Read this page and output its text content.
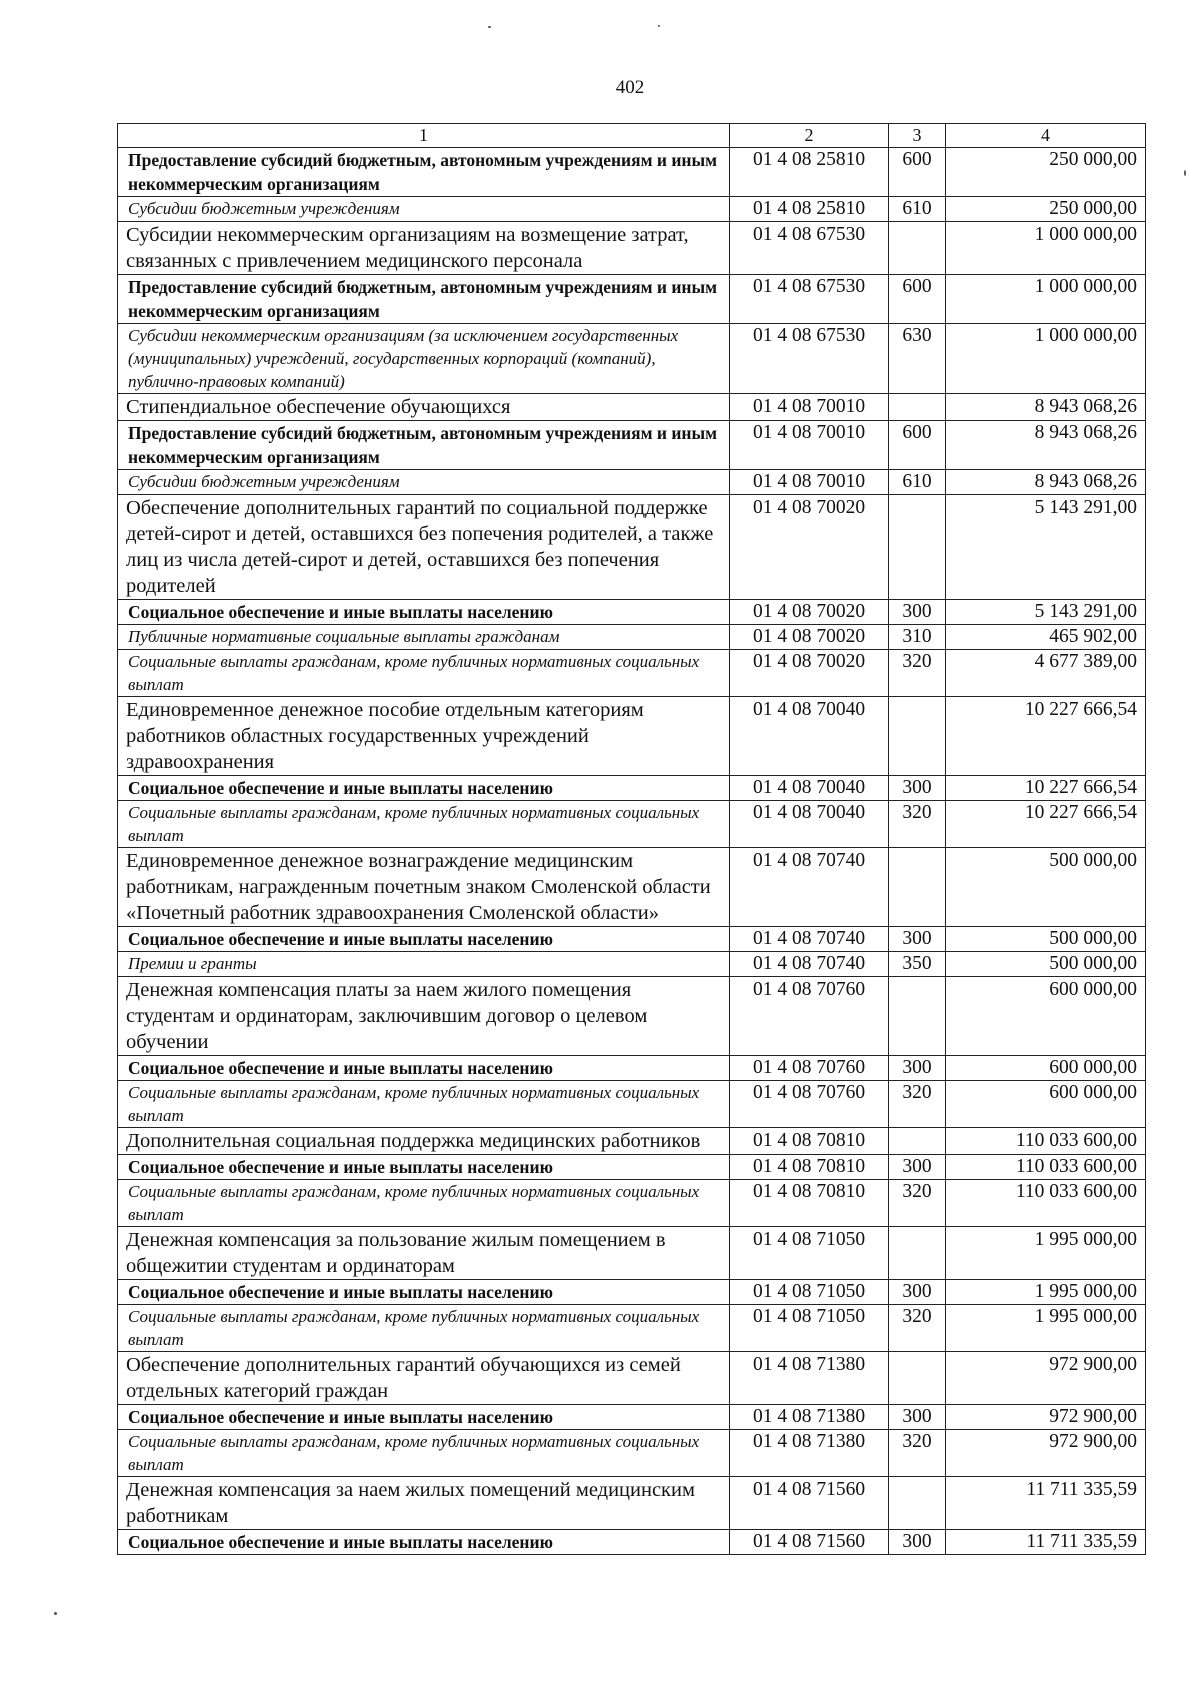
402
1	2	3	4
Предоставление субсидий бюджетным, автономным учреждениям и иным некоммерческим организациям	01 4 08 25810	600	250 000,00
Субсидии бюджетным учреждениям	01 4 08 25810	610	250 000,00
Субсидии некоммерческим организациям на возмещение затрат, связанных с привлечением медицинского персонала	01 4 08 67530		1 000 000,00
Предоставление субсидий бюджетным, автономным учреждениям и иным некоммерческим организациям	01 4 08 67530	600	1 000 000,00
Субсидии некоммерческим организациям (за исключением государственных (муниципальных) учреждений, государственных корпораций (компаний), публично-правовых компаний)	01 4 08 67530	630	1 000 000,00
Стипендиальное обеспечение обучающихся	01 4 08 70010		8 943 068,26
Предоставление субсидий бюджетным, автономным учреждениям и иным некоммерческим организациям	01 4 08 70010	600	8 943 068,26
Субсидии бюджетным учреждениям	01 4 08 70010	610	8 943 068,26
Обеспечение дополнительных гарантий по социальной поддержке детей-сирот и детей, оставшихся без попечения родителей, а также лиц из числа детей-сирот и детей, оставшихся без попечения родителей	01 4 08 70020		5 143 291,00
Социальное обеспечение и иные выплаты населению	01 4 08 70020	300	5 143 291,00
Публичные нормативные социальные выплаты гражданам	01 4 08 70020	310	465 902,00
Социальные выплаты гражданам, кроме публичных нормативных социальных выплат	01 4 08 70020	320	4 677 389,00
Единовременное денежное пособие отдельным категориям работников областных государственных учреждений здравоохранения	01 4 08 70040		10 227 666,54
Социальное обеспечение и иные выплаты населению	01 4 08 70040	300	10 227 666,54
Социальные выплаты гражданам, кроме публичных нормативных социальных выплат	01 4 08 70040	320	10 227 666,54
Единовременное денежное вознаграждение медицинским работникам, награжденным почетным знаком Смоленской области «Почетный работник здравоохранения Смоленской области»	01 4 08 70740		500 000,00
Социальное обеспечение и иные выплаты населению	01 4 08 70740	300	500 000,00
Премии и гранты	01 4 08 70740	350	500 000,00
Денежная компенсация платы за наем жилого помещения студентам и ординаторам, заключившим договор о целевом обучении	01 4 08 70760		600 000,00
Социальное обеспечение и иные выплаты населению	01 4 08 70760	300	600 000,00
Социальные выплаты гражданам, кроме публичных нормативных социальных выплат	01 4 08 70760	320	600 000,00
Дополнительная социальная поддержка медицинских работников	01 4 08 70810		110 033 600,00
Социальное обеспечение и иные выплаты населению	01 4 08 70810	300	110 033 600,00
Социальные выплаты гражданам, кроме публичных нормативных социальных выплат	01 4 08 70810	320	110 033 600,00
Денежная компенсация за пользование жилым помещением в общежитии студентам и ординаторам	01 4 08 71050		1 995 000,00
Социальное обеспечение и иные выплаты населению	01 4 08 71050	300	1 995 000,00
Социальные выплаты гражданам, кроме публичных нормативных социальных выплат	01 4 08 71050	320	1 995 000,00
Обеспечение дополнительных гарантий обучающихся из семей отдельных категорий граждан	01 4 08 71380		972 900,00
Социальное обеспечение и иные выплаты населению	01 4 08 71380	300	972 900,00
Социальные выплаты гражданам, кроме публичных нормативных социальных выплат	01 4 08 71380	320	972 900,00
Денежная компенсация за наем жилых помещений медицинским работникам	01 4 08 71560		11 711 335,59
Социальное обеспечение и иные выплаты населению	01 4 08 71560	300	11 711 335,59
